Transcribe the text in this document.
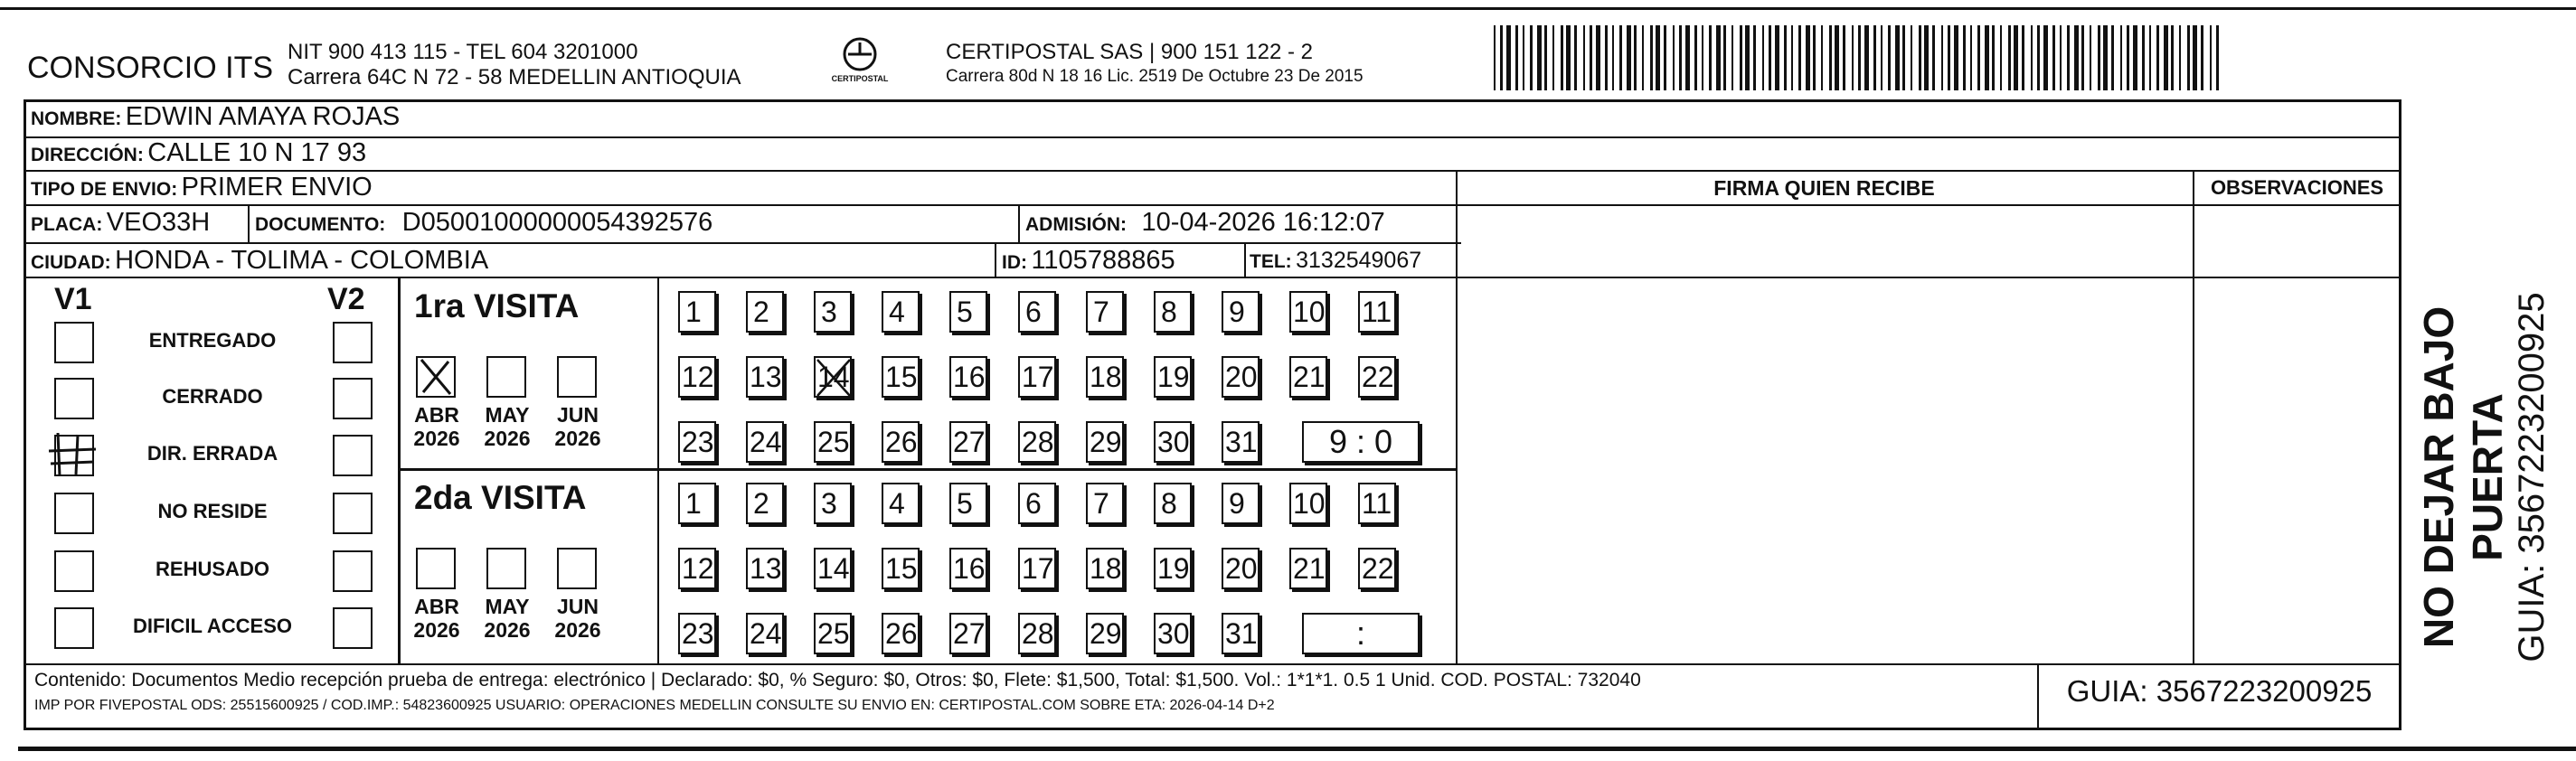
CONSORCIO ITS NIT 900 413 115 - TEL 604 3201000
Carrera 64C N 72 - 58 MEDELLIN ANTIOQUIA	CERTIPOSTAL
CERTIPOSTAL SAS | 900 151 122 - 2
Carrera 80d N 18 16 Lic. 2519 De Octubre 23 De 2015
NOMBRE: EDWIN AMAYA ROJAS
DIRECCIÓN: CALLE 10 N 17 93
TIPO DE ENVIO: PRIMER ENVIO	FIRMA QUIEN RECIBE	OBSERVACIONES
PLACA: VEO33H DOCUMENTO: D05001000000054392576	ADMISIÓN: 10-04-2026 16:12:07
CIUDAD: HONDA - TOLIMA - COLOMBIA	ID: 1105788865	TEL: 3132549067
V1	V2
ENTREGADO
CERRADO
DIR. ERRADA
NO RESIDE
REHUSADO
DIFICIL ACCESO
1ra VISITA
ABR
2026
MAY
2026
JUN
2026
1	2	3	4	5	6	7	8	9	10 11
12 13 14 15 16 17 18 19 20 21 22
23 24 25 26 27 28 29 30 31	9 : 0
2da VISITA
ABR
2026
MAY
2026
JUN
2026
1	2	3	4	5	6	7	8	9	10 11
12 13 14 15 16 17 18 19 20 21 22
23 24 25 26 27 28 29 30 31	:
Contenido: Documentos Medio recepción prueba de entrega: electrónico | Declarado: $0, % Seguro: $0, Otros: $0, Flete: $1,500, Total: $1,500. Vol.: 1*1*1. 0.5 1 Unid. COD. POSTAL: 732040
IMP POR FIVEPOSTAL ODS: 25515600925 / COD.IMP.: 54823600925 USUARIO: OPERACIONES MEDELLIN CONSULTE SU ENVIO EN: CERTIPOSTAL.COM SOBRE ETA: 2026-04-14 D+2	GUIA: 3567223200925
NO DEJAR BAJO PUERTA GUIA: 3567223200925
